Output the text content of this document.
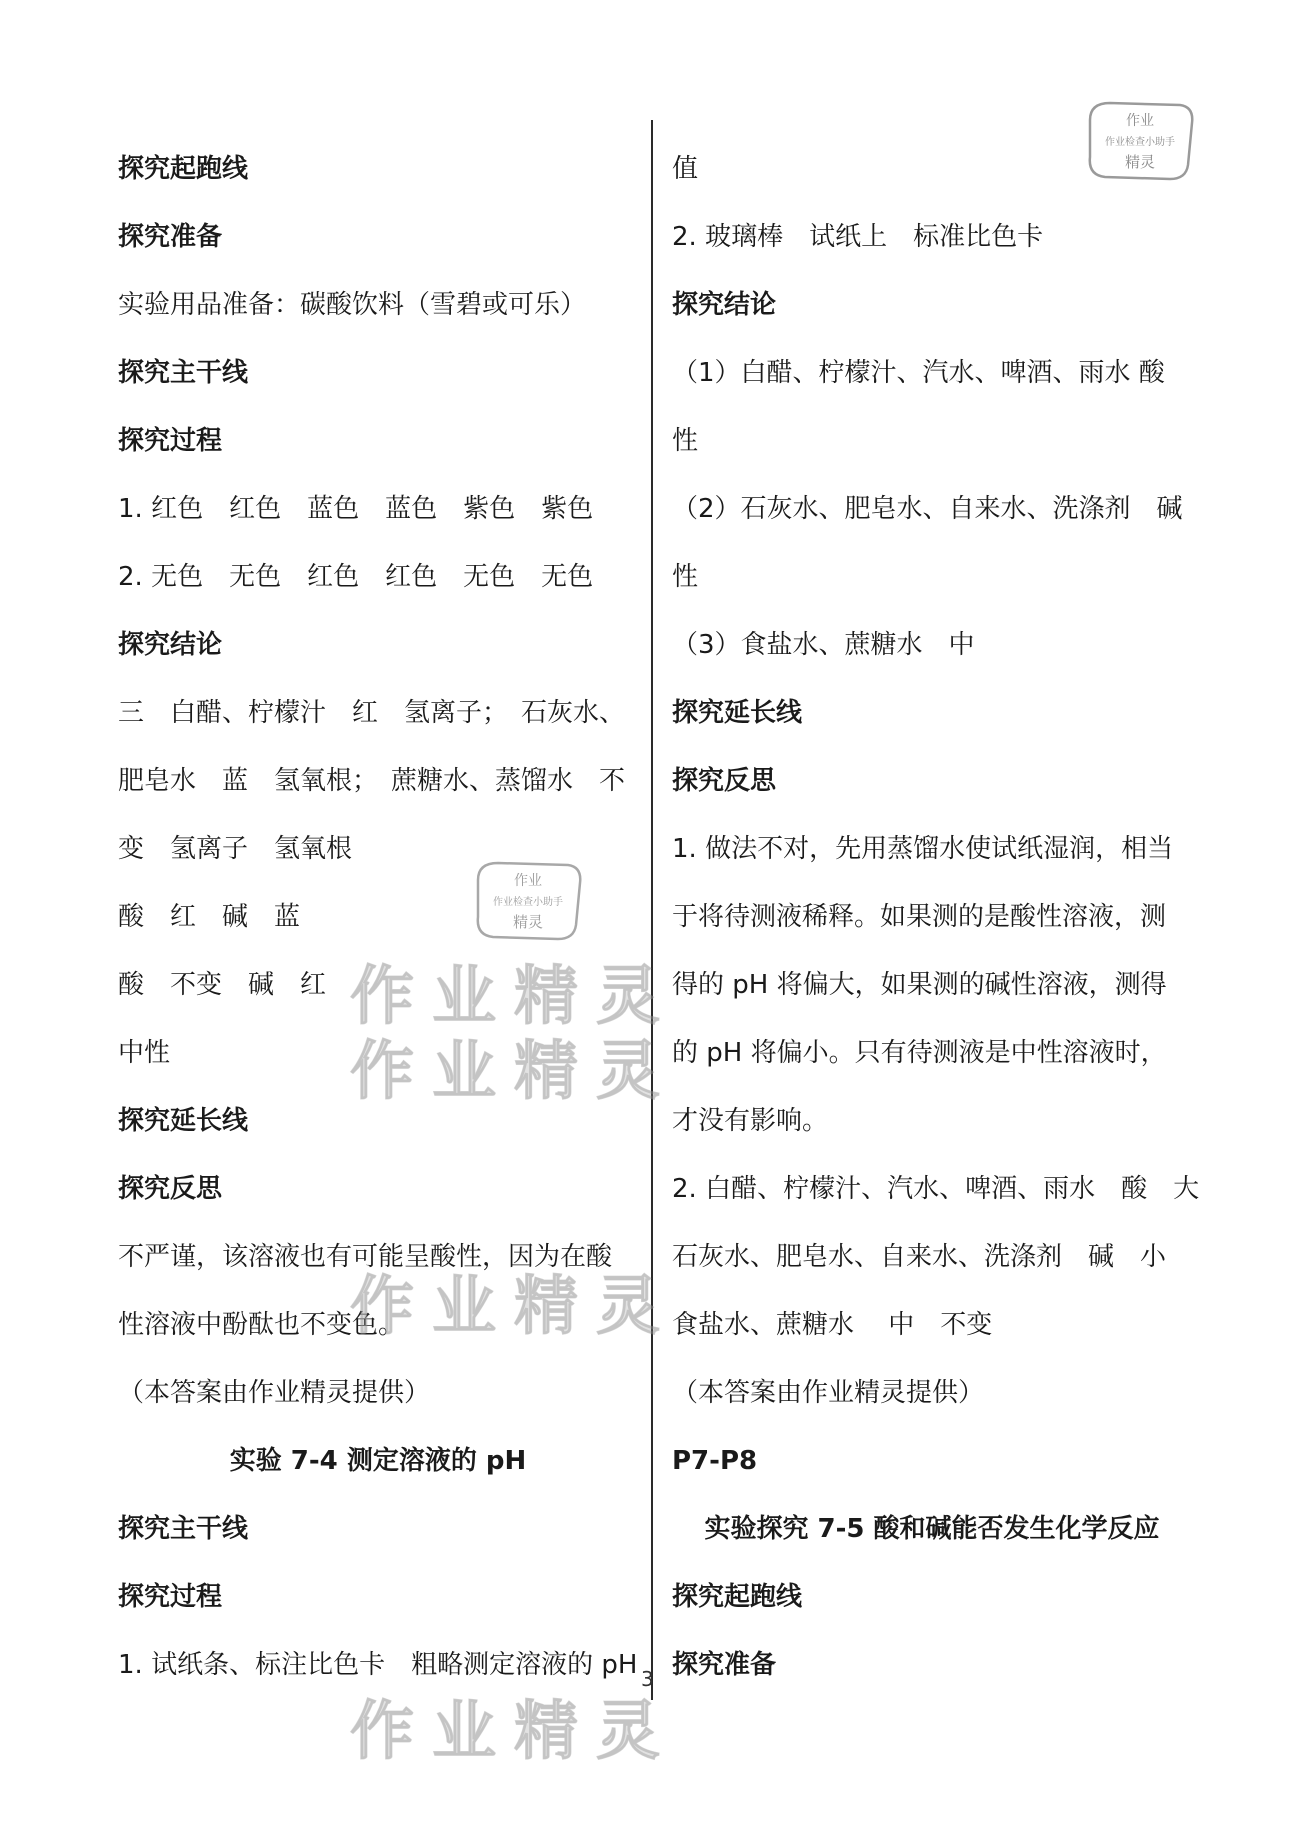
探究起跑线
探究准备
实验用品准备：碳酸饮料（雪碧或可乐）
探究主干线
探究过程
1. 红色　红色　蓝色　蓝色　紫色　紫色
2. 无色　无色　红色　红色　无色　无色
探究结论
三　白醋、柠檬汁　红　氢离子；　石灰水、
肥皂水　蓝　氢氧根；　蔗糖水、蒸馏水　不
变　氢离子　氢氧根
酸　红　碱　蓝
酸　不变　碱　红
中性
探究延长线
探究反思
不严谨，该溶液也有可能呈酸性，因为在酸
性溶液中酚酞也不变色。
（本答案由作业精灵提供）
实验 7-4 测定溶液的 pH
探究主干线
探究过程
1. 试纸条、标注比色卡　粗略测定溶液的 pH
值
2. 玻璃棒　试纸上　标准比色卡
探究结论
（1）白醋、柠檬汁、汽水、啤酒、雨水 酸
性
（2）石灰水、肥皂水、自来水、洗涤剂　碱
性
（3）食盐水、蔗糖水　中
探究延长线
探究反思
1. 做法不对，先用蒸馏水使试纸湿润，相当
于将待测液稀释。如果测的是酸性溶液，测
得的 pH 将偏大，如果测的碱性溶液，测得
的 pH 将偏小。只有待测液是中性溶液时，
才没有影响。
2. 白醋、柠檬汁、汽水、啤酒、雨水　酸　大
石灰水、肥皂水、自来水、洗涤剂　碱　小
食盐水、蔗糖水　 中　不变
（本答案由作业精灵提供）
P7-P8
实验探究 7-5 酸和碱能否发生化学反应
探究起跑线
探究准备
作业
作业检查小助手
精灵
作业
作业检查小助手
精灵
作业精灵
作业精灵
作业精灵
作业精灵
3
